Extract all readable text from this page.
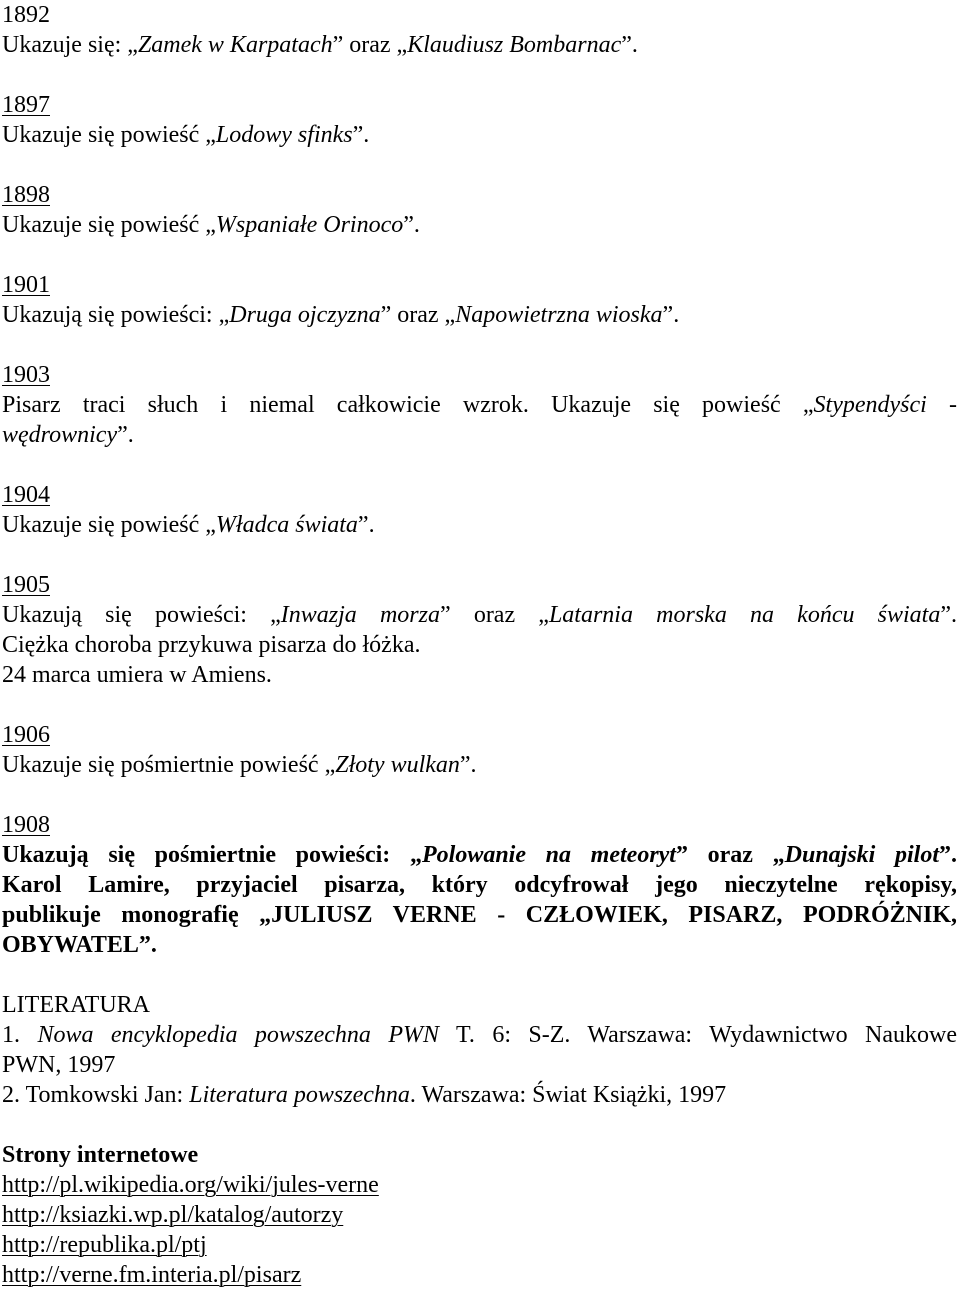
1892
Ukazuje się: „Zamek w Karpatach” oraz „Klaudiusz Bombarnac”.
1897
Ukazuje się powieść „Lodowy sfinks”.
1898
Ukazuje się powieść „Wspaniałe Orinoco”.
1901
Ukazują się powieści: „Druga ojczyzna” oraz „Napowietrzna wioska”.
1903
Pisarz traci słuch i niemal całkowicie wzrok. Ukazuje się powieść „Stypendyści -
wędrownicy”.
1904
Ukazuje się powieść „Władca świata”.
1905
Ukazują się powieści: „Inwazja morza” oraz „Latarnia morska na końcu świata”.
Ciężka choroba przykuwa pisarza do łóżka.
24 marca umiera w Amiens.
1906
Ukazuje się pośmiertnie powieść „Złoty wulkan”.
1908
Ukazują się pośmiertnie powieści: „Polowanie na meteoryt” oraz „Dunajski pilot”.
Karol Lamire, przyjaciel pisarza, który odcyfrował jego nieczytelne rękopisy,
publikuje monografię „JULIUSZ VERNE - CZŁOWIEK, PISARZ, PODRÓŻNIK,
OBYWATEL”.
LITERATURA
1. Nowa encyklopedia powszechna PWN T. 6: S-Z. Warszawa: Wydawnictwo Naukowe
PWN, 1997
2. Tomkowski Jan: Literatura powszechna. Warszawa: Świat Książki, 1997
Strony internetowe
http://pl.wikipedia.org/wiki/jules-verne
http://ksiazki.wp.pl/katalog/autorzy
http://republika.pl/ptj
http://verne.fm.interia.pl/pisarz
